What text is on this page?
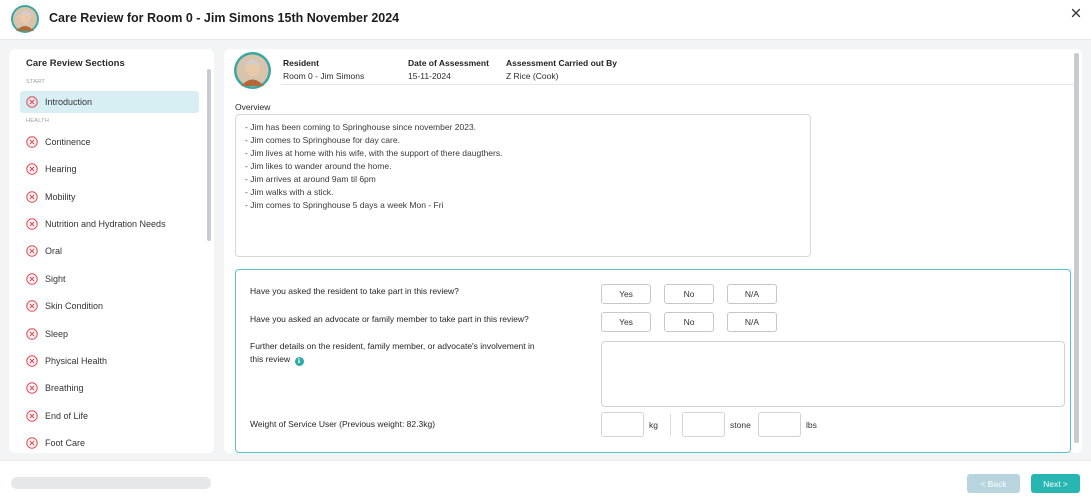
Care Review for Room 0 - Jim Simons 15th November 2024
Care Review Sections
START
HEALTH
Introduction
Continence
Hearing
Mobility
Nutrition and Hydration Needs
Oral
Sight
Skin Condition
Sleep
Physical Health
Breathing
End of Life
Foot Care
Resident
Room 0 - Jim Simons
Date of Assessment
15-11-2024
Assessment Carried out By
Z Rice (Cook)
Overview
- Jim has been coming to Springhouse since november 2023.
- Jim comes to Springhouse for day care.
- Jim lives at home with his wife, with the support of there daugthers.
- Jim likes to wander around the home.
- Jim arrives at around 9am til 6pm
- Jim walks with a stick.
- Jim comes to Springhouse 5 days a week Mon - Fri
Have you asked the resident to take part in this review?	Yes	No	N/A
Have you asked an advocate or family member to take part in this review?	Yes	No	N/A
Further details on the resident, family member, or advocate's involvement in
this review i
Weight of Service User (Previous weight: 82.3kg)	kg	stone	lbs
< Back	Next >
